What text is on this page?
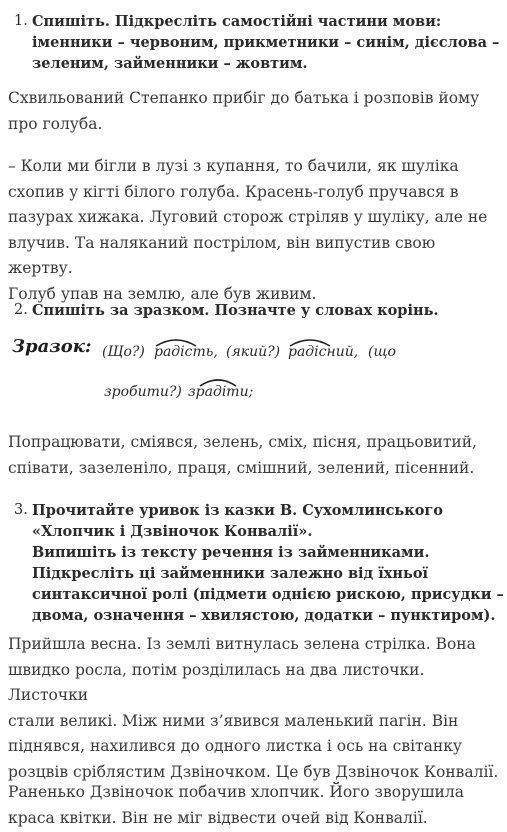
1. Спишіть. Підкресліть самостійні частини мови:
іменники – червоним, прикметники – синім, дієслова –
зеленим, займенники – жовтим.
Схвильований Степанко прибіг до батька і розповів йому
про голуба.
– Коли ми бігли в лузі з купання, то бачили, як шуліка
схопив у кігті білого голуба. Красень-голуб пручався в
пазурах хижака. Луговий сторож стріляв у шуліку, але не
влучив. Та наляканий пострілом, він випустив свою жертву.
Голуб упав на землю, але був живим.
2. Спишіть за зразком. Позначте у словах корінь.
Зразок: (Що?) радість, (який?) радісний, (що
зробити?) зрадіти;
Попрацювати, сміявся, зелень, сміх, пісня, працьовитий,
співати, зазеленіло, праця, смішний, зелений, пісенний.
3. Прочитайте уривок із казки В. Сухомлинського
«Хлопчик і Дзвіночок Конвалії».
Випишіть із тексту речення із займенниками.
Підкресліть ці займенники залежно від їхньої
синтаксичної ролі (підмети однією рискою, присудки –
двома, означення – хвилястою, додатки – пунктиром).
Прийшла весна. Із землі витнулась зелена стрілка. Вона
швидко росла, потім розділилась на два листочки. Листочки
стали великі. Між ними з’явився маленький пагін. Він
піднявся, нахилився до одного листка і ось на світанку
розцвів сріблястим Дзвіночком. Це був Дзвіночок Конвалії.
Раненько Дзвіночок побачив хлопчик. Його зворушила
краса квітки. Він не міг відвести очей від Конвалії.
